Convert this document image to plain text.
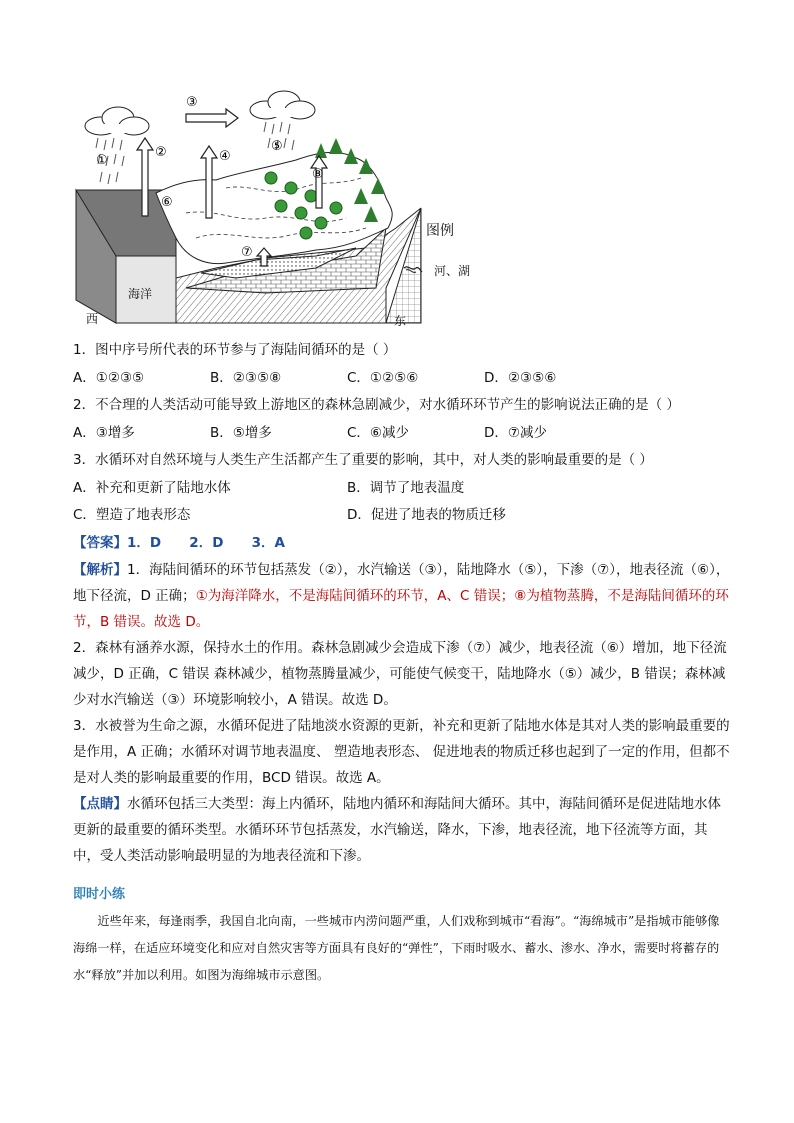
①
②
③
④
⑤
⑥
⑦
⑧
海洋
图例
河、湖
西	东
1．图中序号所代表的环节参与了海陆间循环的是（ ）
A．①②③⑤	B．②③⑤⑧	C．①②⑤⑥	D．②③⑤⑥
2．不合理的人类活动可能导致上游地区的森林急剧减少，对水循环环节产生的影响说法正确的是（ ）
A．③增多	B．⑤增多	C．⑥减少	D．⑦减少
3．水循环对自然环境与人类生产生活都产生了重要的影响，其中，对人类的影响最重要的是（ ）
A．补充和更新了陆地水体	B．调节了地表温度
C．塑造了地表形态	D．促进了地表的物质迁移
【答案】1．D      2．D      3．A
【解析】1．海陆间循环的环节包括蒸发（②），水汽输送（③），陆地降水（⑤），下渗（⑦），地表径流（⑥），地下径流，D 正确；①为海洋降水，不是海陆间循环的环节，A、C 错误；⑧为植物蒸腾，不是海陆间循环的环节，B 错误。故选 D。
2．森林有涵养水源，保持水土的作用。森林急剧减少会造成下渗（⑦）减少，地表径流（⑥）增加，地下径流减少，D 正确，C 错误 森林减少，植物蒸腾量减少，可能使气候变干，陆地降水（⑤）减少，B 错误；森林减少对水汽输送（③）环境影响较小，A 错误。故选 D。
3．水被誉为生命之源，水循环促进了陆地淡水资源的更新，补充和更新了陆地水体是其对人类的影响最重要的是作用，A 正确；水循环对调节地表温度、 塑造地表形态、 促进地表的物质迁移也起到了一定的作用，但都不是对人类的影响最重要的作用，BCD 错误。故选 A。
【点睛】水循环包括三大类型：海上内循环，陆地内循环和海陆间大循环。其中，海陆间循环是促进陆地水体更新的最重要的循环类型。水循环环节包括蒸发，水汽输送，降水，下渗，地表径流，地下径流等方面，其中，受人类活动影响最明显的为地表径流和下渗。
即时小练
近些年来，每逢雨季，我国自北向南，一些城市内涝问题严重，人们戏称到城市“看海”。“海绵城市”是指城市能够像海绵一样，在适应环境变化和应对自然灾害等方面具有良好的“弹性”，下雨时吸水、蓄水、渗水、净水，需要时将蓄存的水“释放”并加以利用。如图为海绵城市示意图。
